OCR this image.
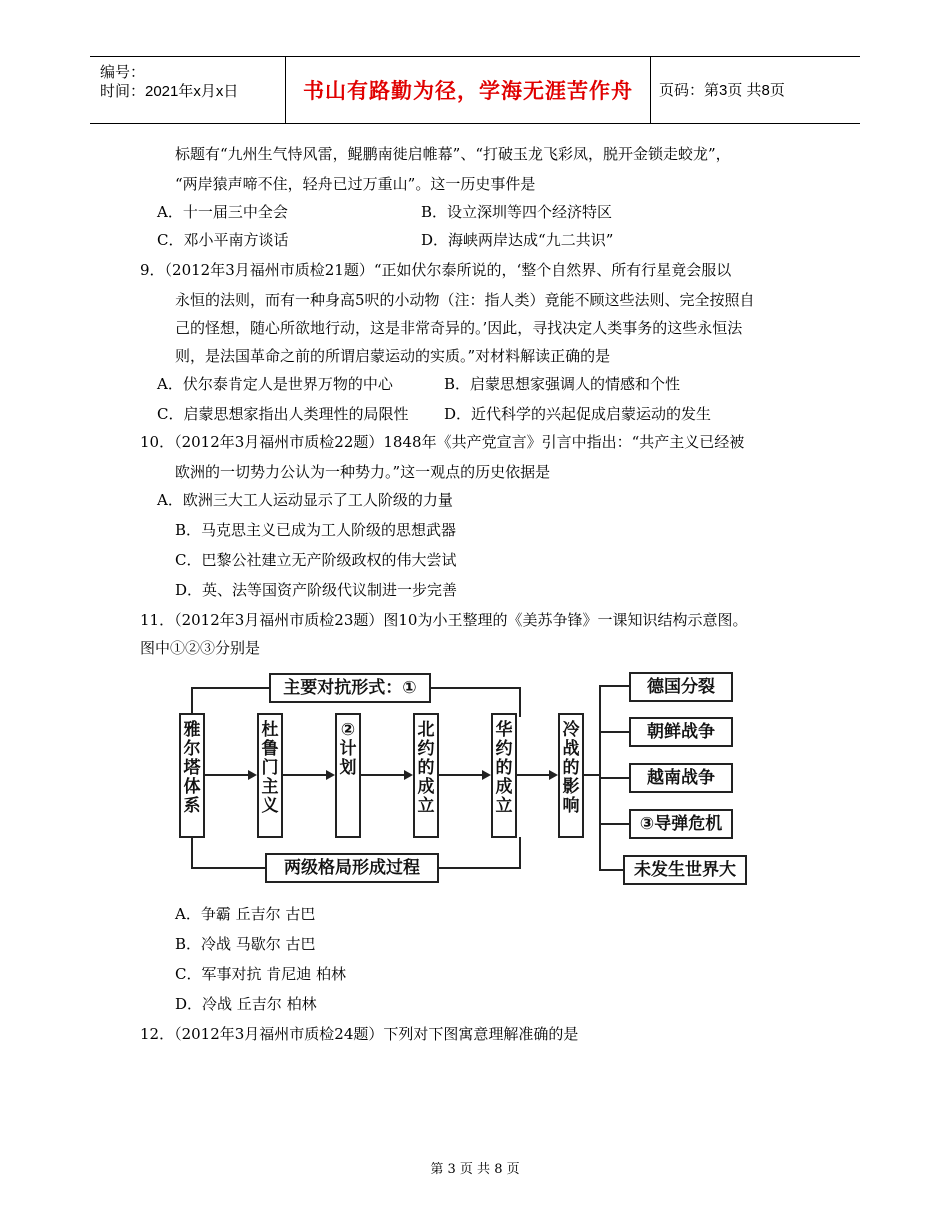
编号：
时间：2021年x月x日	书山有路勤为径，学海无涯苦作舟	页码：第3页 共8页
标题有“九州生气恃风雷，鲲鹏南徙启帷幕”、“打破玉龙飞彩凤，脱开金锁走蛟龙”，
“两岸猿声啼不住，轻舟已过万重山”。这一历史事件是
A．十一届三中全会	B．设立深圳等四个经济特区
C．邓小平南方谈话	D．海峡两岸达成“九二共识”
9．（2012年3月福州市质检21题）“正如伏尔泰所说的，‘整个自然界、所有行星竟会服以
永恒的法则，而有一种身高5呎的小动物（注：指人类）竟能不顾这些法则、完全按照自
己的怪想，随心所欲地行动，这是非常奇异的。’因此，寻找决定人类事务的这些永恒法
则，是法国革命之前的所谓启蒙运动的实质。”对材料解读正确的是
A．伏尔泰肯定人是世界万物的中心	B．启蒙思想家强调人的情感和个性
C．启蒙思想家指出人类理性的局限性 D．近代科学的兴起促成启蒙运动的发生
10．（2012年3月福州市质检22题）1848年《共产党宣言》引言中指出：“共产主义已经被
欧洲的一切势力公认为一种势力。”这一观点的历史依据是
A．欧洲三大工人运动显示了工人阶级的力量
B．马克思主义已成为工人阶级的思想武器
C．巴黎公社建立无产阶级政权的伟大尝试
D．英、法等国资产阶级代议制进一步完善
11．（2012年3月福州市质检23题）图10为小王整理的《美苏争锋》一课知识结构示意图。
图中①②③分别是
主要对抗形式：①
两级格局形成过程
雅尔塔体系
杜鲁门主义
②计划
北约的成立
华约的成立
冷战的影响
德国分裂
朝鲜战争
越南战争
③导弹危机
未发生世界大
A．争霸 丘吉尔 古巴
B．冷战 马歇尔 古巴
C．军事对抗 肯尼迪 柏林
D．冷战 丘吉尔 柏林
12．（2012年3月福州市质检24题）下列对下图寓意理解准确的是
第 3 页 共 8 页
